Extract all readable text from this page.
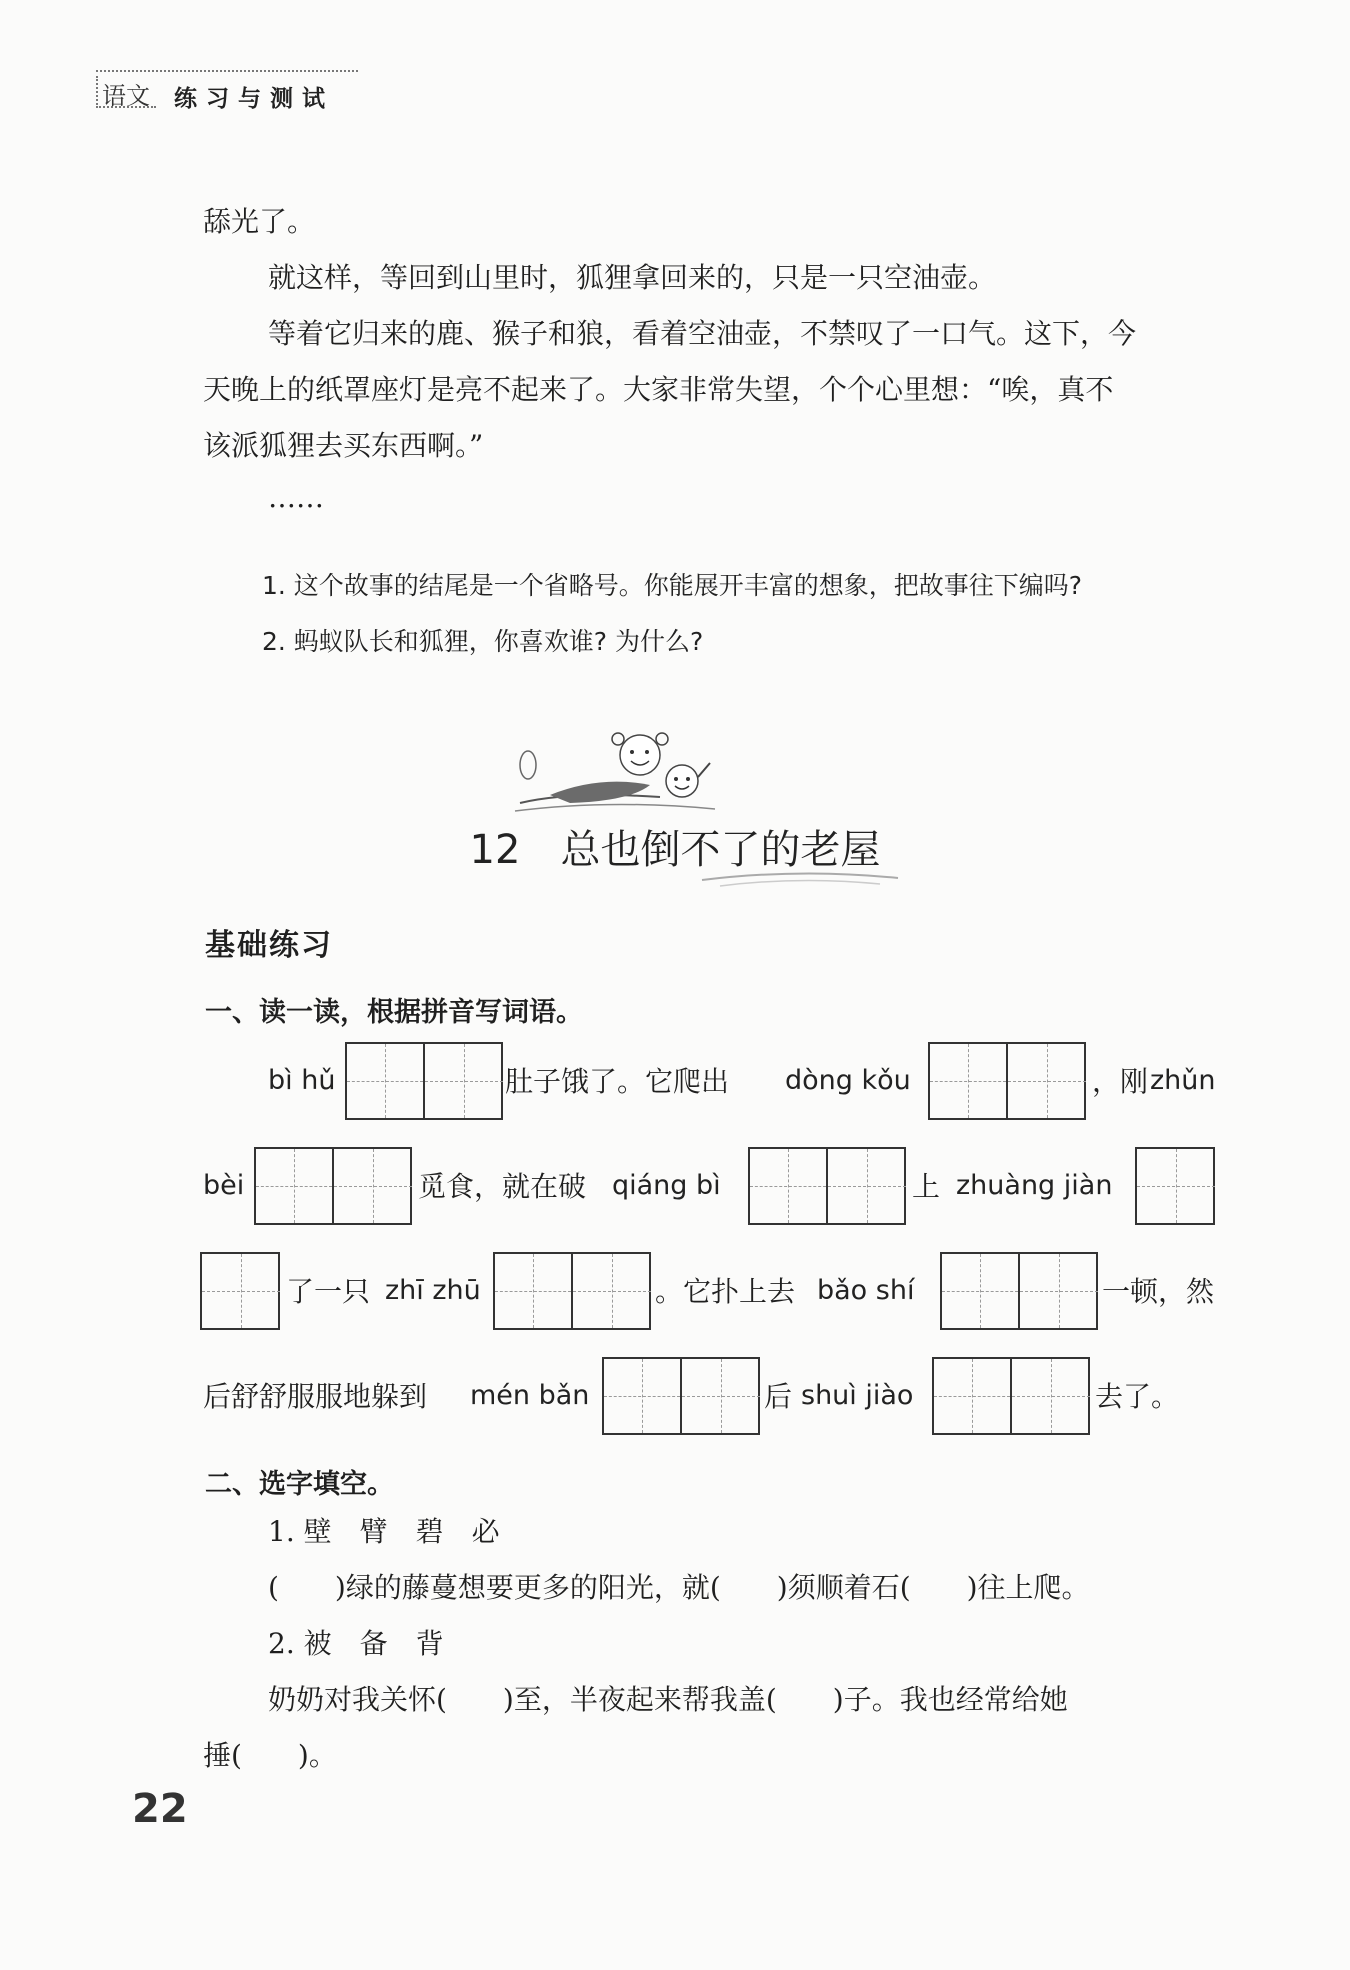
语文 练习与测试
舔光了。
就这样，等回到山里时，狐狸拿回来的，只是一只空油壶。
等着它归来的鹿、猴子和狼，看着空油壶，不禁叹了一口气。这下，今
天晚上的纸罩座灯是亮不起来了。大家非常失望，个个心里想：“唉，真不
该派狐狸去买东西啊。”
……
1. 这个故事的结尾是一个省略号。你能展开丰富的想象，把故事往下编吗?
2. 蚂蚁队长和狐狸，你喜欢谁? 为什么?
12 总也倒不了的老屋
基础练习
一、读一读，根据拼音写词语。
bì hǔ	肚子饿了。它爬出 dòng kǒu	，刚 zhǔn
bèi	觅食，就在破 qiáng bì	上 zhuàng jiàn
了一只 zhī zhū	。它扑上去 bǎo shí	一顿，然
后舒舒服服地躲到 mén bǎn	后 shuì jiào	去了。
二、选字填空。
1. 壁　臂　碧　必
(　　)绿的藤蔓想要更多的阳光，就(　　)须顺着石(　　)往上爬。
2. 被　备　背
奶奶对我关怀(　　)至，半夜起来帮我盖(　　)子。我也经常给她
捶(　　)。
22
